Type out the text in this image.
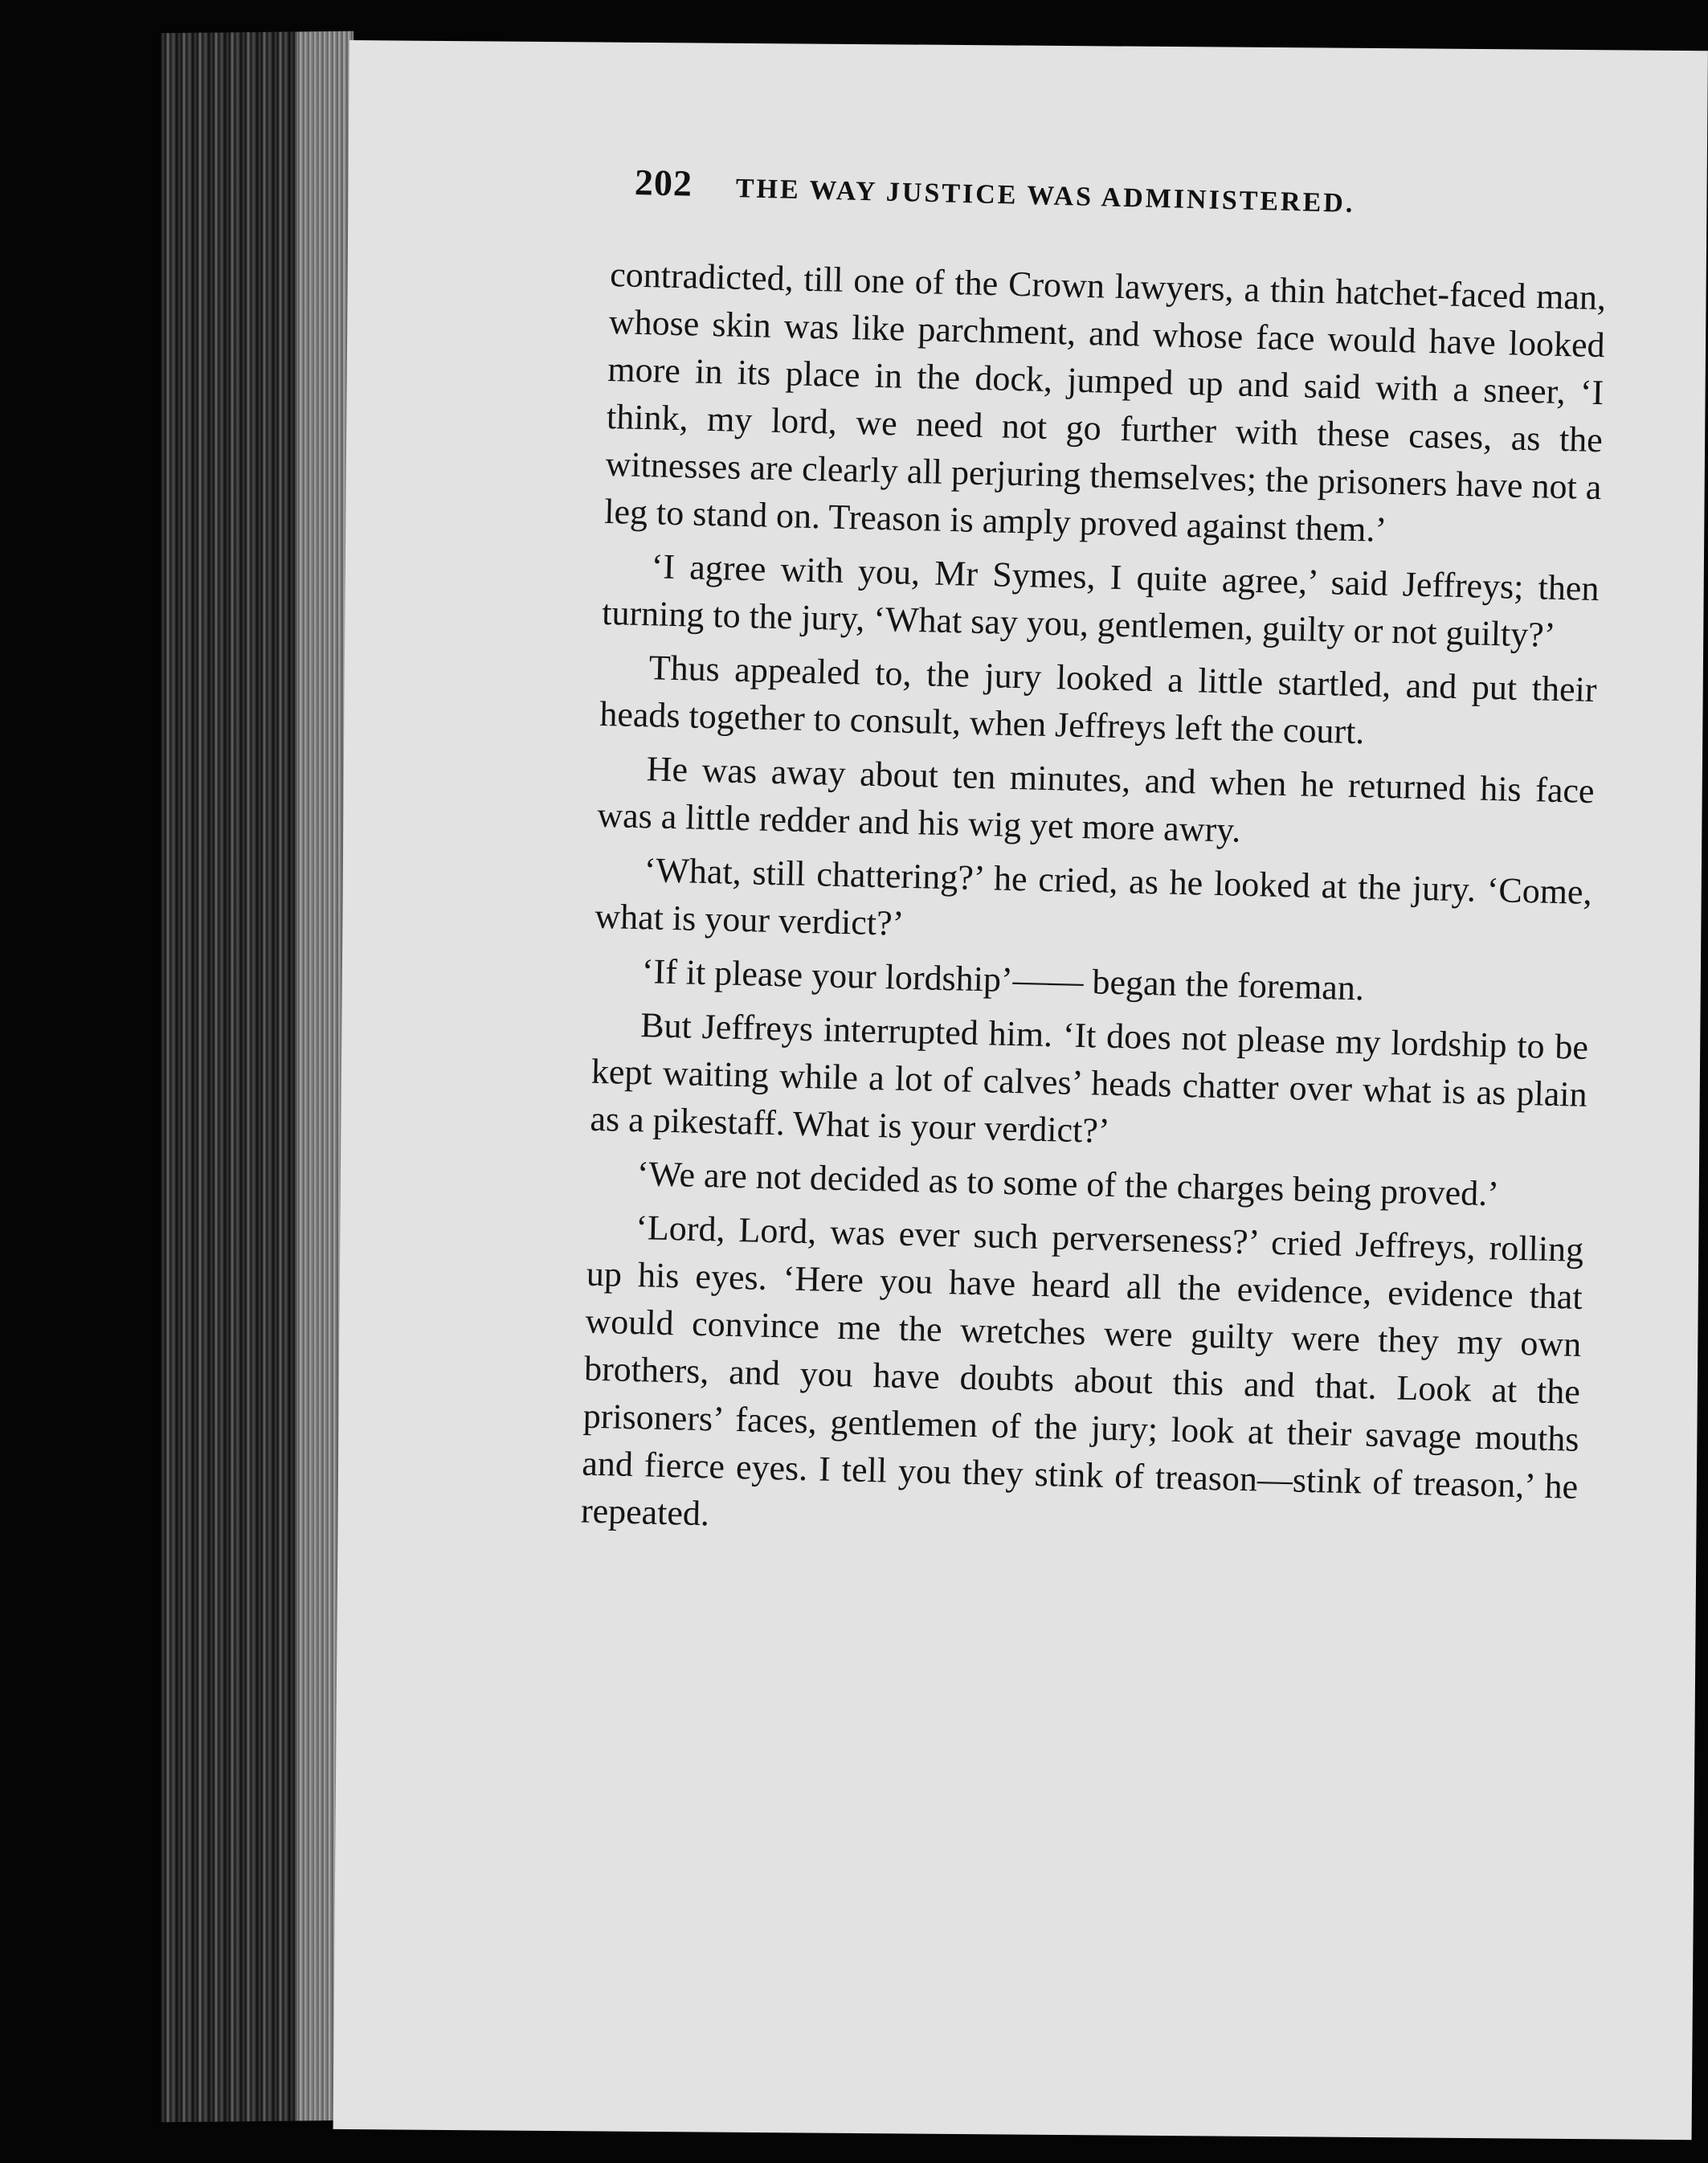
202 THE WAY JUSTICE WAS ADMINISTERED.

contradicted, till one of the Crown lawyers, a thin hatchet-faced man, whose skin was like parchment, and whose face would have looked more in its place in the dock, jumped up and said with a sneer, ‘I think, my lord, we need not go further with these cases, as the witnesses are clearly all perjuring themselves; the prisoners have not a leg to stand on. Treason is amply proved against them.’

‘I agree with you, Mr Symes, I quite agree,’ said Jeffreys; then turning to the jury, ‘What say you, gentlemen, guilty or not guilty?’

Thus appealed to, the jury looked a little startled, and put their heads together to consult, when Jeffreys left the court.

He was away about ten minutes, and when he returned his face was a little redder and his wig yet more awry.

‘What, still chattering?’ he cried, as he looked at the jury. ‘Come, what is your verdict?’

‘If it please your lordship’—— began the foreman.

But Jeffreys interrupted him. ‘It does not please my lordship to be kept waiting while a lot of calves’ heads chatter over what is as plain as a pikestaff. What is your verdict?’

‘We are not decided as to some of the charges being proved.’

‘Lord, Lord, was ever such perverseness?’ cried Jeffreys, rolling up his eyes. ‘Here you have heard all the evidence, evidence that would convince me the wretches were guilty were they my own brothers, and you have doubts about this and that. Look at the prisoners’ faces, gentlemen of the jury; look at their savage mouths and fierce eyes. I tell you they stink of treason—stink of treason,’ he repeated.
